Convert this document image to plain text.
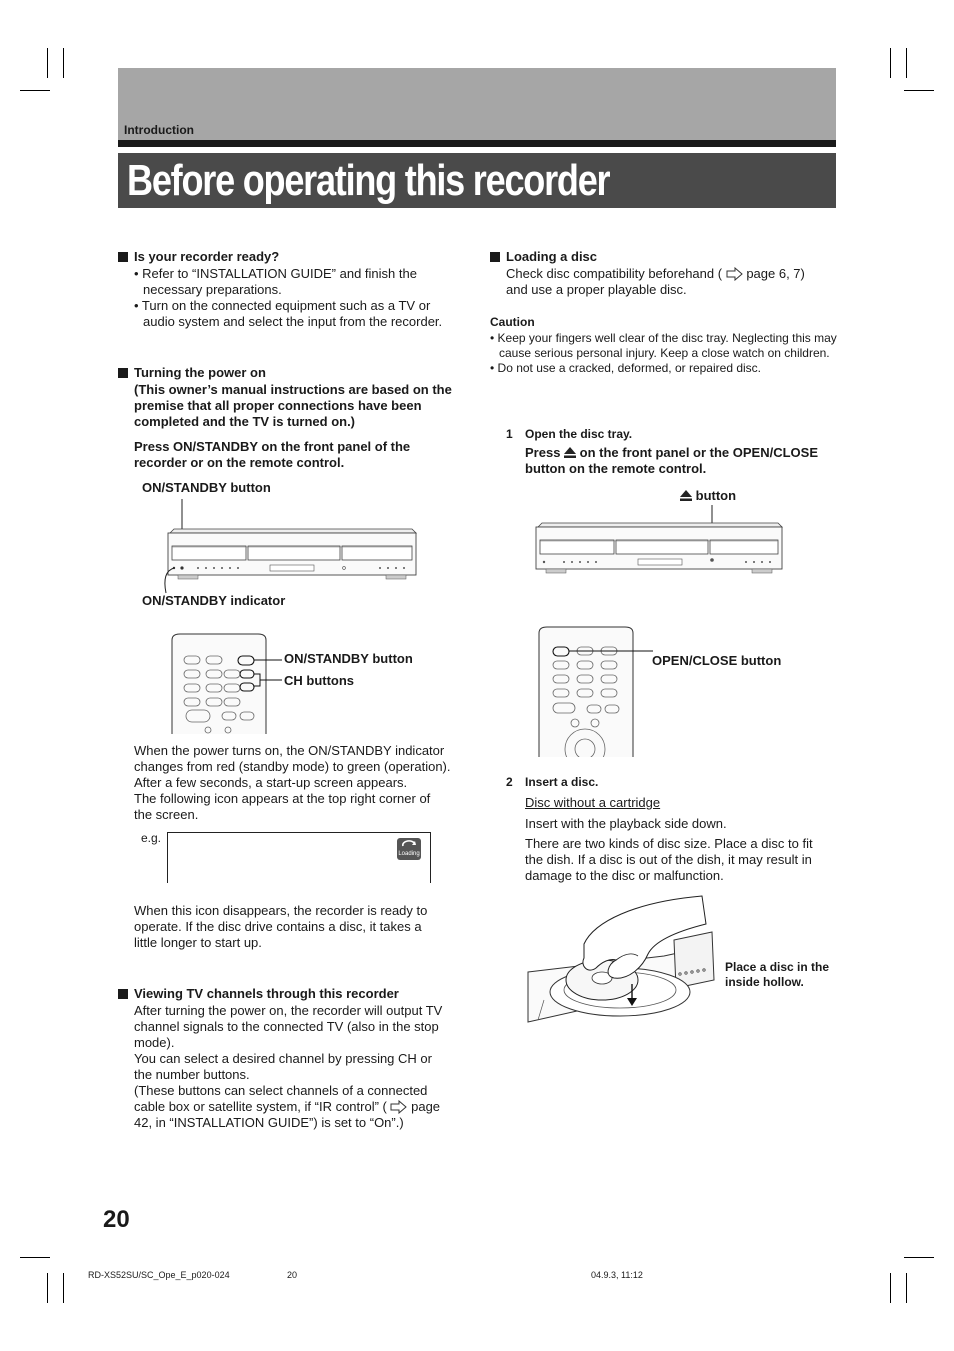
Introduction
Before operating this recorder
Is your recorder ready?
• Refer to “INSTALLATION GUIDE” and finish the necessary preparations.
• Turn on the connected equipment such as a TV or audio system and select the input from the recorder.
Turning the power on
(This owner’s manual instructions are based on the premise that all proper connections have been completed and the TV is turned on.)
Press ON/STANDBY on the front panel of the recorder or on the remote control.
ON/STANDBY button
ON/STANDBY indicator
ON/STANDBY button
CH buttons
When the power turns on, the ON/STANDBY indicator
changes from red (standby mode) to green (operation).
After a few seconds, a start-up screen appears.
The following icon appears at the top right corner of
the screen.
e.g.
Loading
When this icon disappears, the recorder is ready to
operate. If the disc drive contains a disc, it takes a
little longer to start up.
Viewing TV channels through this recorder
After turning the power on, the recorder will output TV
channel signals to the connected TV (also in the stop
mode).
You can select a desired channel by pressing CH or
the number buttons.
(These buttons can select channels of a connected
cable box or satellite system, if “IR control” ( page
42, in “INSTALLATION GUIDE”) is set to “On”.)
Loading a disc
Check disc compatibility beforehand ( page 6, 7)
and use a proper playable disc.
Caution
• Keep your fingers well clear of the disc tray. Neglecting this may cause serious personal injury. Keep a close watch on children.
• Do not use a cracked, deformed, or repaired disc.
1 Open the disc tray.
Press on the front panel or the OPEN/CLOSE
button on the remote control.
button
OPEN/CLOSE button
2 Insert a disc.
Disc without a cartridge
Insert with the playback side down.
There are two kinds of disc size. Place a disc to fit
the dish. If a disc is out of the dish, it may result in
damage to the disc or malfunction.
Place a disc in the
inside hollow.
20
RD-XS52SU/SC_Ope_E_p020-024	20	04.9.3, 11:12
